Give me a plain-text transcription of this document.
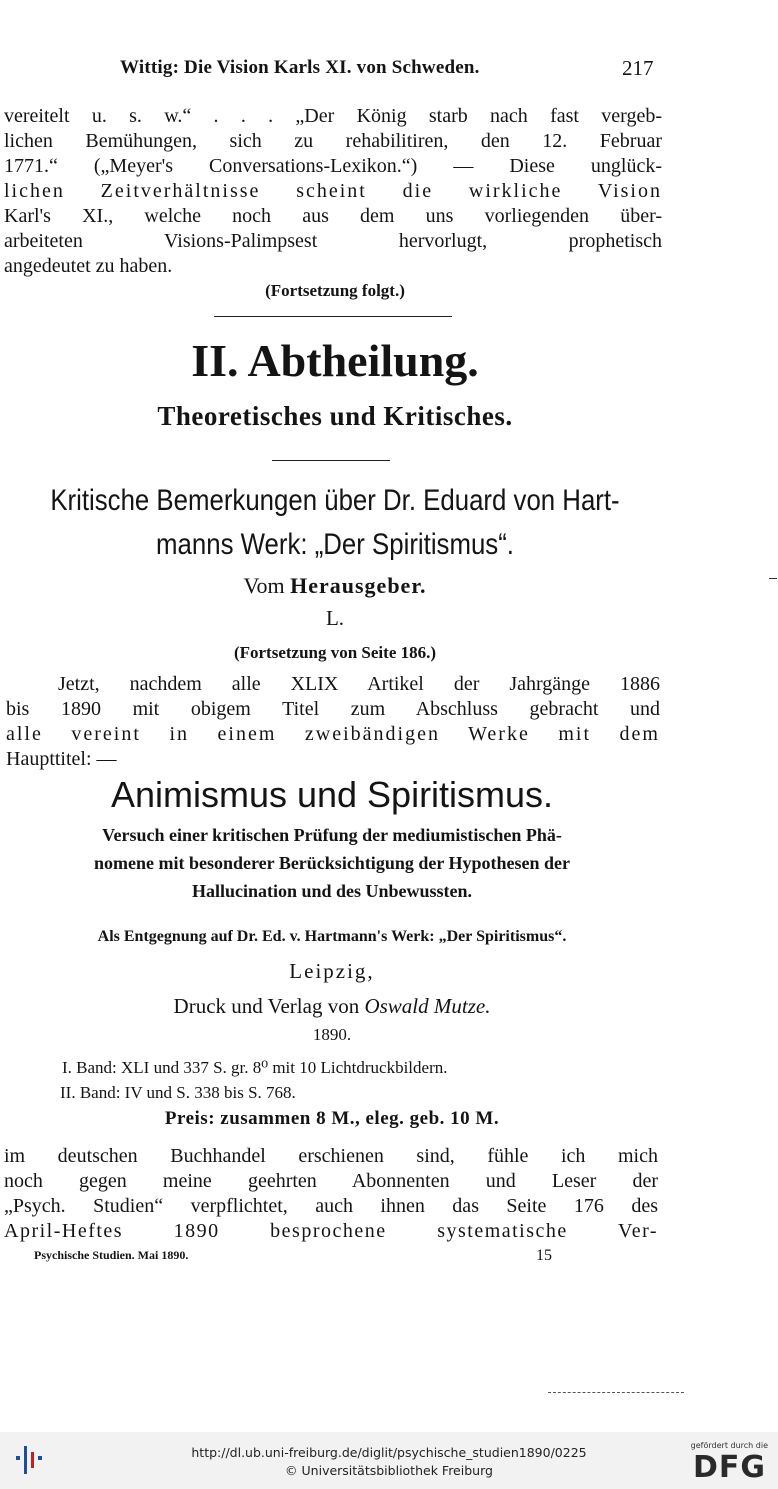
Wittig: Die Vision Karls XI. von Schweden.	217
vereitelt u. s. w.“ . . . „Der König starb nach fast vergeb-
lichen Bemühungen, sich zu rehabilitiren, den 12. Februar
1771.“ („Meyer's Conversations-Lexikon.“) — Diese unglück-
lichen Zeitverhältnisse scheint die wirkliche Vision
Karl's XI., welche noch aus dem uns vorliegenden über-
arbeiteten Visions-Palimpsest hervorlugt, prophetisch
angedeutet zu haben.
(Fortsetzung folgt.)
II. Abtheilung.
Theoretisches und Kritisches.
Kritische Bemerkungen über Dr. Eduard von Hart-
manns Werk: „Der Spiritismus“.
Vom Herausgeber.
L.
(Fortsetzung von Seite 186.)
Jetzt, nachdem alle XLIX Artikel der Jahrgänge 1886
bis 1890 mit obigem Titel zum Abschluss gebracht und
alle vereint in einem zweibändigen Werke mit dem
Haupttitel: —
Animismus und Spiritismus.
Versuch einer kritischen Prüfung der mediumistischen Phä-
nomene mit besonderer Berücksichtigung der Hypothesen der
Hallucination und des Unbewussten.
Als Entgegnung auf Dr. Ed. v. Hartmann's Werk: „Der Spiritismus“.
Leipzig,
Druck und Verlag von Oswald Mutze.
1890.
I. Band: XLI und 337 S. gr. 8⁰ mit 10 Lichtdruckbildern.
II. Band: IV und S. 338 bis S. 768.
Preis: zusammen 8 M., eleg. geb. 10 M.
im deutschen Buchhandel erschienen sind, fühle ich mich
noch gegen meine geehrten Abonnenten und Leser der
„Psych. Studien“ verpflichtet, auch ihnen das Seite 176 des
April-Heftes 1890 besprochene systematische Ver-
Psychische Studien. Mai 1890.	15
http://dl.ub.uni-freiburg.de/diglit/psychische_studien1890/0225
© Universitätsbibliothek Freiburg
gefördert durch die
DFG
